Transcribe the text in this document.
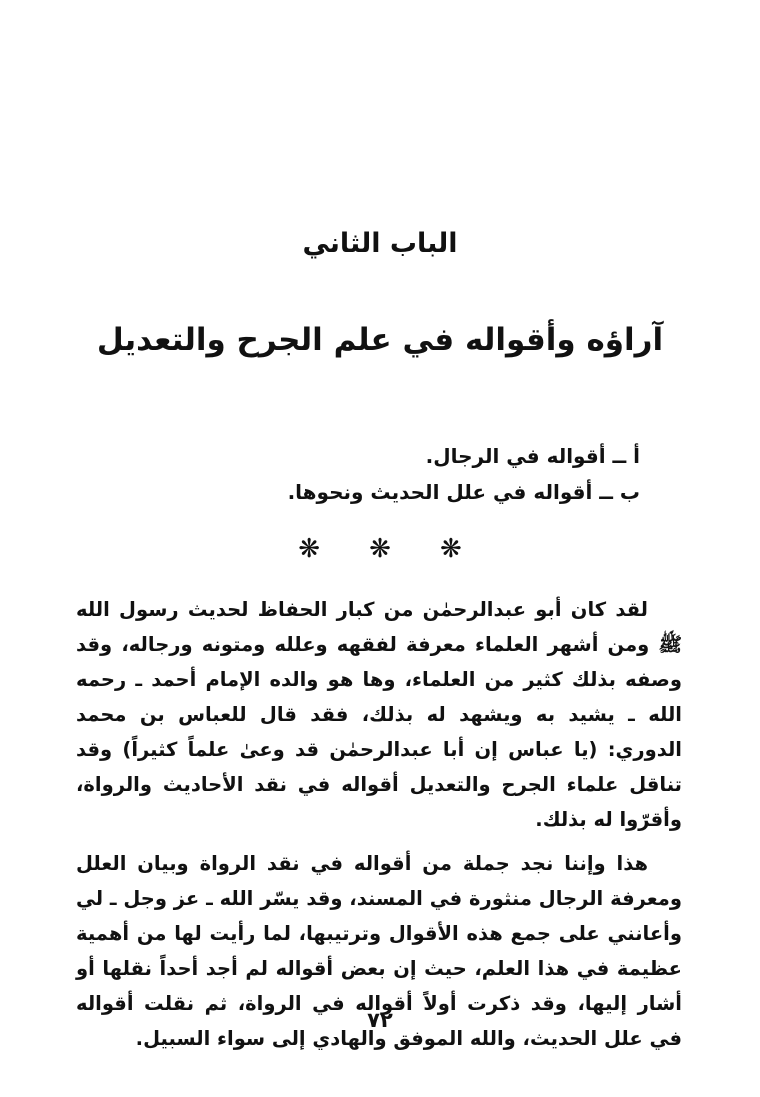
الباب الثاني
آراؤه وأقواله في علم الجرح والتعديل
أ ــ أقواله في الرجال.
ب ــ أقواله في علل الحديث ونحوها.
❋ ❋ ❋

لقد كان أبو عبدالرحمٰن من كبار الحفاظ لحديث رسول الله ﷺ ومن أشهر العلماء معرفة لفقهه وعلله ومتونه ورجاله، وقد وصفه بذلك كثير من العلماء، وها هو والده الإمام أحمد ـ رحمه الله ـ يشيد به ويشهد له بذلك، فقد قال للعباس بن محمد الدوري: (يا عباس إن أبا عبدالرحمٰن قد وعىٰ علماً كثيراً) وقد تناقل علماء الجرح والتعديل أقواله في نقد الأحاديث والرواة، وأقرّوا له بذلك.

هذا وإننا نجد جملة من أقواله في نقد الرواة وبيان العلل ومعرفة الرجال منثورة في المسند، وقد يسّر الله ـ عز وجل ـ لي وأعانني على جمع هذه الأقوال وترتيبها، لما رأيت لها من أهمية عظيمة في هذا العلم، حيث إن بعض أقواله لم أجد أحداً نقلها أو أشار إليها، وقد ذكرت أولاً أقواله في الرواة، ثم نقلت أقواله في علل الحديث، والله الموفق والهادي إلى سواء السبيل.

٧٢
